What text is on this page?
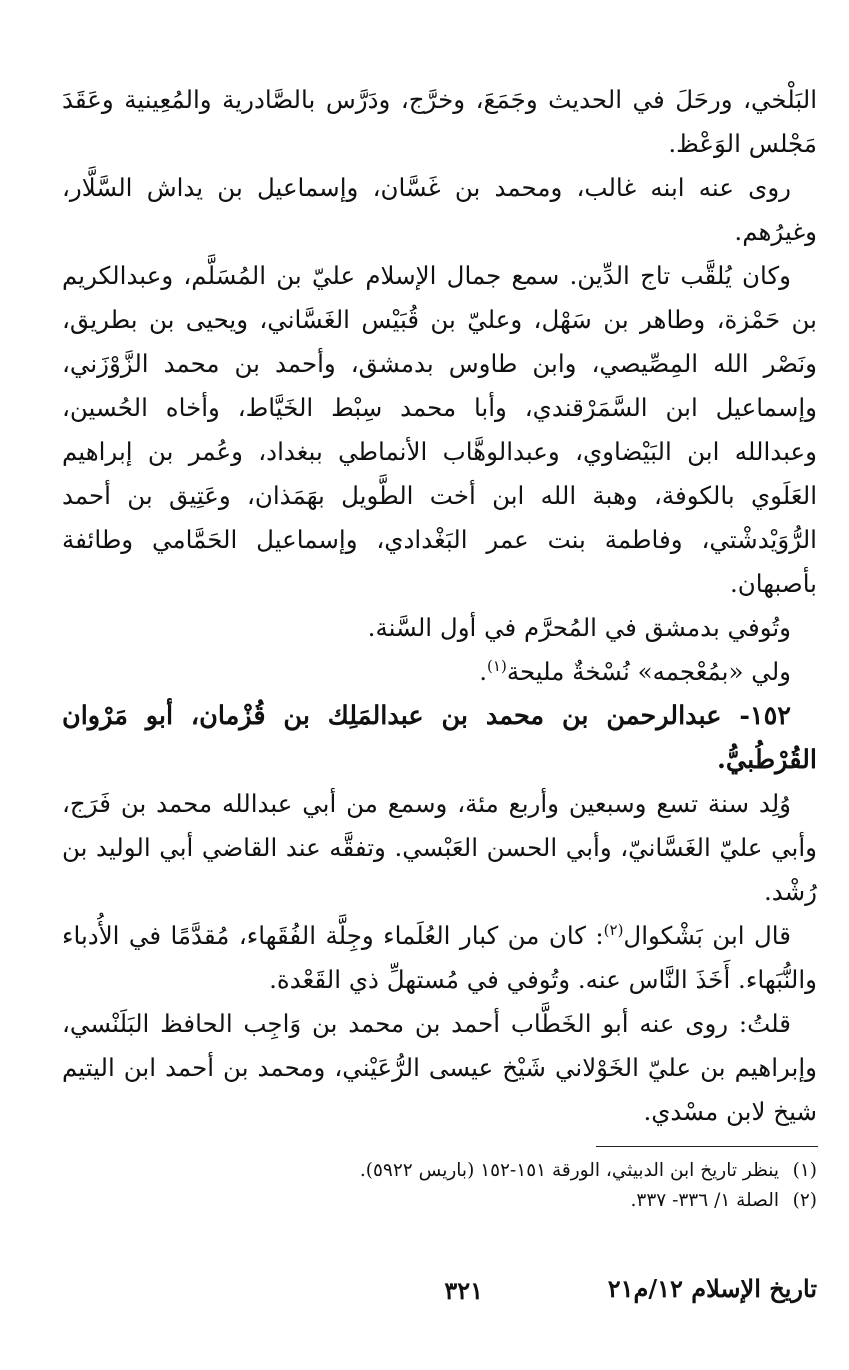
البَلْخي، ورحَلَ في الحديث وجَمَعَ، وخرَّج، ودَرَّس بالصَّادرية والمُعِينية وعَقَدَ مَجْلس الوَعْظ.

روى عنه ابنه غالب، ومحمد بن غَسَّان، وإسماعيل بن يداش السَّلَّار، وغيرُهم.

وكان يُلقَّب تاج الدِّين. سمع جمال الإسلام عليّ بن المُسَلَّم، وعبدالكريم بن حَمْزة، وطاهر بن سَهْل، وعليّ بن قُبَيْس الغَسَّاني، ويحيى بن بطريق، ونَصْر الله المِصِّيصي، وابن طاوس بدمشق، وأحمد بن محمد الزَّوْزَني، وإسماعيل ابن السَّمَرْقندي، وأبا محمد سِبْط الخَيَّاط، وأخاه الحُسين، وعبدالله ابن البَيْضاوي، وعبدالوهَّاب الأنماطي ببغداد، وعُمر بن إبراهيم العَلَوي بالكوفة، وهبة الله ابن أخت الطَّويل بهَمَذان، وعَتِيق بن أحمد الرُّوَيْدشْتي، وفاطمة بنت عمر البَغْدادي، وإسماعيل الحَمَّامي وطائفة بأصبهان.

وتُوفي بدمشق في المُحرَّم في أول السَّنة.

ولي «بمُعْجمه» نُسْخةٌ مليحة$^{(١)}$.

١٥٢- عبدالرحمن بن محمد بن عبدالمَلِك بن قُزْمان، أبو مَرْوان القُرْطُبيُّ.

وُلِد سنة تسع وسبعين وأربع مئة، وسمع من أبي عبدالله محمد بن فَرَج، وأبي عليّ الغَسَّانيّ، وأبي الحسن العَبْسي. وتفقَّه عند القاضي أبي الوليد بن رُشْد.

قال ابن بَشْكوال$^{(٢)}$: كان من كبار العُلَماء وجِلَّة الفُقَهاء، مُقدَّمًا في الأُدباء والنُّبَهاء. أَخَذَ النَّاس عنه. وتُوفي في مُستهلِّ ذي القَعْدة.

قلتُ: روى عنه أبو الخَطَّاب أحمد بن محمد بن وَاجِب الحافظ البَلَنْسي، وإبراهيم بن عليّ الخَوْلاني شَيْخ عيسى الرُّعَيْني، ومحمد بن أحمد ابن اليتيم شيخ لابن مسْدي.

(١)ينظر تاريخ ابن الدبيثي، الورقة ١٥١-١٥٢ (باريس ٥٩٢٢).
(٢)الصلة ١/ ٣٣٦- ٣٣٧.
تاريخ الإسلام ١٢/م٢١
٣٢١
